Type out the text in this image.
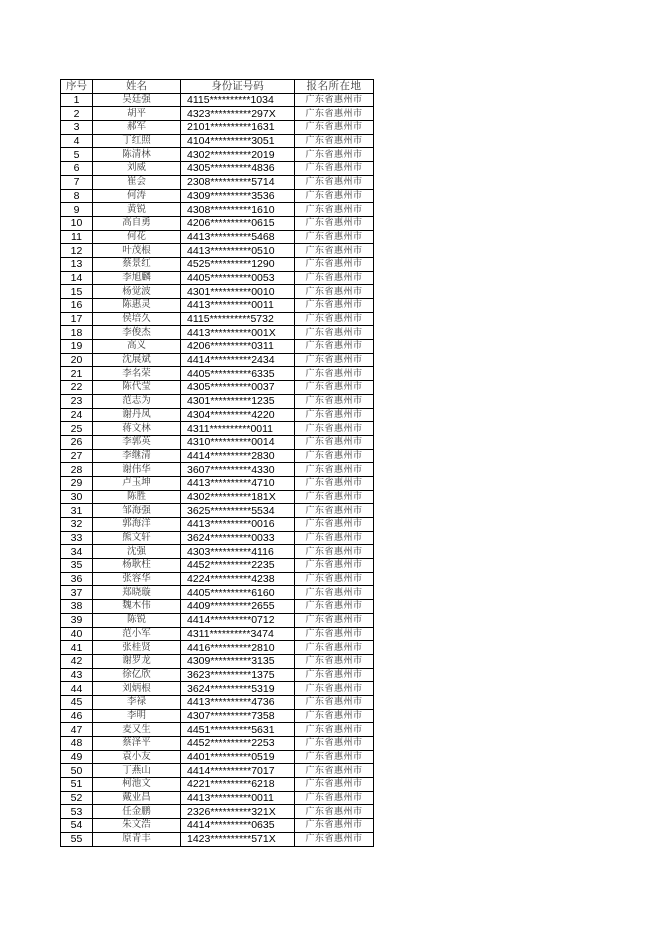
序号	姓名	身份证号码	报名所在地
1	吴廷强	4115**********1034	广东省惠州市
2	胡平	4323**********297X	广东省惠州市
3	郝军	2101**********1631	广东省惠州市
4	丁红照	4104**********3051	广东省惠州市
5	陈清林	4302**********2019	广东省惠州市
6	刘威	4305**********4836	广东省惠州市
7	崔会	2308**********5714	广东省惠州市
8	何涛	4309**********3536	广东省惠州市
9	黄锐	4308**********1610	广东省惠州市
10	高自勇	4206**********0615	广东省惠州市
11	何花	4413**********5468	广东省惠州市
12	叶茂根	4413**********0510	广东省惠州市
13	蔡景红	4525**********1290	广东省惠州市
14	李旭麟	4405**********0053	广东省惠州市
15	杨觉波	4301**********0010	广东省惠州市
16	陈惠灵	4413**********0011	广东省惠州市
17	侯培久	4115**********5732	广东省惠州市
18	李俊杰	4413**********001X	广东省惠州市
19	高义	4206**********0311	广东省惠州市
20	沈展斌	4414**********2434	广东省惠州市
21	李名荣	4405**********6335	广东省惠州市
22	陈代莹	4305**********0037	广东省惠州市
23	范志为	4301**********1235	广东省惠州市
24	谢丹凤	4304**********4220	广东省惠州市
25	蒋文林	4311**********0011	广东省惠州市
26	李郭英	4310**********0014	广东省惠州市
27	李继清	4414**********2830	广东省惠州市
28	谢伟华	3607**********4330	广东省惠州市
29	卢玉坤	4413**********4710	广东省惠州市
30	陈胜	4302**********181X	广东省惠州市
31	邹海强	3625**********5534	广东省惠州市
32	郭海洋	4413**********0016	广东省惠州市
33	熊文轩	3624**********0033	广东省惠州市
34	沈强	4303**********4116	广东省惠州市
35	杨耿柱	4452**********2235	广东省惠州市
36	张容华	4224**********4238	广东省惠州市
37	郑晓璇	4405**********6160	广东省惠州市
38	魏木伟	4409**********2655	广东省惠州市
39	陈锐	4414**********0712	广东省惠州市
40	范小军	4311**********3474	广东省惠州市
41	张桂贤	4416**********2810	广东省惠州市
42	谢罗龙	4309**********3135	广东省惠州市
43	徐亿欣	3623**********1375	广东省惠州市
44	刘炳根	3624**********5319	广东省惠州市
45	李禄	4413**********4736	广东省惠州市
46	李明	4307**********7358	广东省惠州市
47	麦又生	4451**********5631	广东省惠州市
48	蔡泽平	4452**********2253	广东省惠州市
49	袁小友	4401**********0519	广东省惠州市
50	丁燕山	4414**********7017	广东省惠州市
51	柯池文	4221**********6218	广东省惠州市
52	戴业昌	4413**********0011	广东省惠州市
53	任金鹏	2326**********321X	广东省惠州市
54	朱文浩	4414**********0635	广东省惠州市
55	原青丰	1423**********571X	广东省惠州市
